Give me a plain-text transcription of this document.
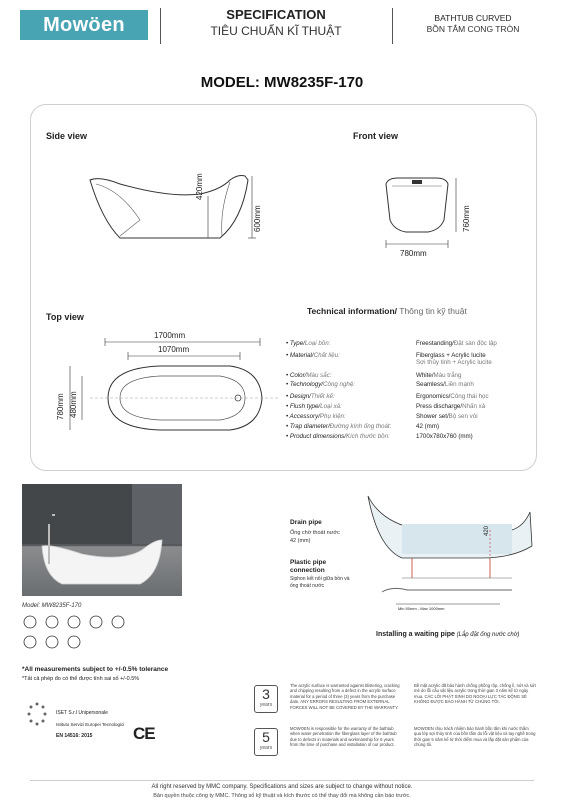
Mowöen	SPECIFICATION
TIÊU CHUẨN KĨ THUẬT
BATHTUB CURVED
BỒN TẮM CONG TRÒN
MODEL: MW8235F-170
Side view	Front view
Top view
420mm
600mm	760mm
780mm
1700mm
1070mm
780mm 480mm
Technical information/ Thông tin kỹ thuật
• Type/Loại bồn:	Freestanding/Đặt sàn độc lập
• Material/Chất liệu:	Fiberglass + Acrylic lucite
Sợi thủy tinh + Acrylic lucite
• Color/Màu sắc:	White/Màu trắng
• Technology/Công nghệ:	Seamless/Liền mạnh
• Design/Thiết kế:	Ergonomics/Công thái học
• Flush type/Loại xả:	Press discharge/Nhấn xả
• Accessory/Phụ kiện:	Shower set/Bộ sen vòi
• Trap diameter/Đường kính ống thoát:	42 (mm)
• Product dimensions/Kích thước bồn:	1700x780x760 (mm)
Model: MW8235F-170
Drain pipe
Ống chờ thoát nước
42 (mm)
Plastic pipe
connection
Siphon kết nối giữa bồn và
ống thoát nước
420
Min 50mm - Max 1000mm
Installing a waiting pipe (Lắp đặt ống nước chờ)
*All measurements subject to +/-0.5% tolerance
*Tất cả phép đo có thể được tính sai số +/-0.5%
ISET S.r.l Unipersonale
Istituto Servizi Europei Tecnologici
EN 14516: 2015 CE
3
years
The acrylic surface is warranted against blistering, cracking and chipping resulting from a defect in the acrylic surface material for a period of three (3) years from the purchase date. ANY ERRORS RESULTING FROM EXTERNAL FORCES WILL NOT BE COVERED BY THE WARRANTY.
Bề mặt acrylic đã bảo hành chống phồng rộp, chống lì, nứt và sứt mẻ do lỗi cấu vật liệu acrylic trong thời gian 3 năm kể từ ngày mua. CÁC LỖI PHÁT SINH DO NGOẠI LỰC TÁC ĐỘNG SẼ KHÔNG ĐƯỢC BẢO HÀNH TỪ CHÚNG TÔI.
5
years
MOWOEN is responsible for the warranty of the bathtub when water penetration the fiberglass layer of the bathtub due to defects in materials and workmanship for 5 years from the time of purchase and installation of our product.
MOWOEN chịu trách nhiệm bảo hành bồn tắm khi nước thấm qua lớp sợi thủy tinh của bồn tắm do lỗi vật liệu và tay nghề trong thời gian 5 năm kể từ thời điểm mua và lắp đặt sản phẩm của chúng tôi.
All right reserved by MMC company. Specifications and sizes are subject to change without notice.
Bản quyền thuộc công ty MMC. Thông số kỹ thuật và kích thước có thể thay đổi mà không cần báo trước.
